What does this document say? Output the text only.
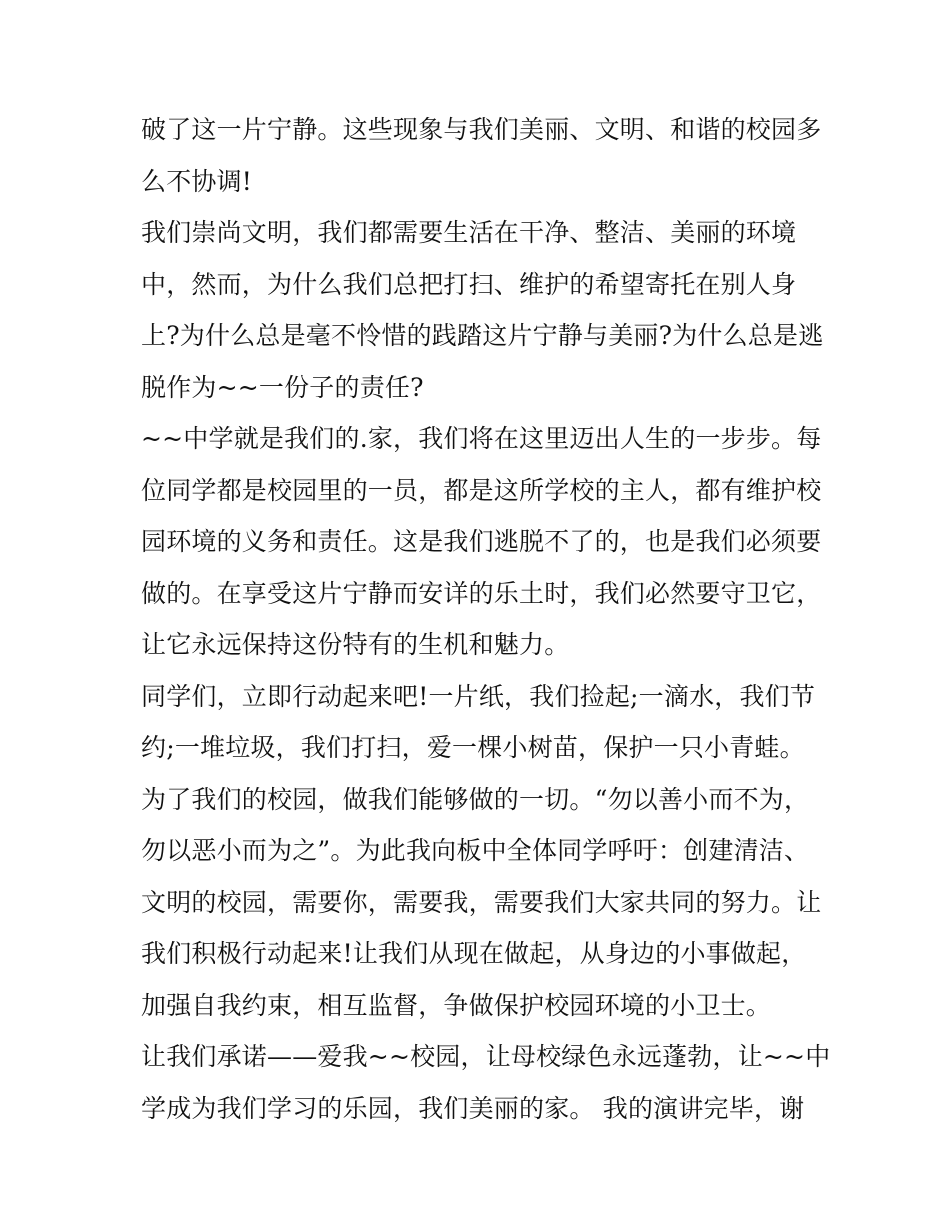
破了这一片宁静。这些现象与我们美丽、文明、和谐的校园多
么不协调!
我们崇尚文明，我们都需要生活在干净、整洁、美丽的环境
中，然而，为什么我们总把打扫、维护的希望寄托在别人身
上?为什么总是毫不怜惜的践踏这片宁静与美丽?为什么总是逃
脱作为~~一份子的责任?
~~中学就是我们的.家，我们将在这里迈出人生的一步步。每
位同学都是校园里的一员，都是这所学校的主人，都有维护校
园环境的义务和责任。这是我们逃脱不了的，也是我们必须要
做的。在享受这片宁静而安详的乐土时，我们必然要守卫它，
让它永远保持这份特有的生机和魅力。
同学们，立即行动起来吧!一片纸，我们捡起;一滴水，我们节
约;一堆垃圾，我们打扫，爱一棵小树苗，保护一只小青蛙。
为了我们的校园，做我们能够做的一切。“勿以善小而不为，
勿以恶小而为之”。为此我向板中全体同学呼吁：创建清洁、
文明的校园，需要你，需要我，需要我们大家共同的努力。让
我们积极行动起来!让我们从现在做起，从身边的小事做起，
加强自我约束，相互监督，争做保护校园环境的小卫士。
让我们承诺——爱我~~校园，让母校绿色永远蓬勃，让~~中
学成为我们学习的乐园，我们美丽的家。 我的演讲完毕，谢
